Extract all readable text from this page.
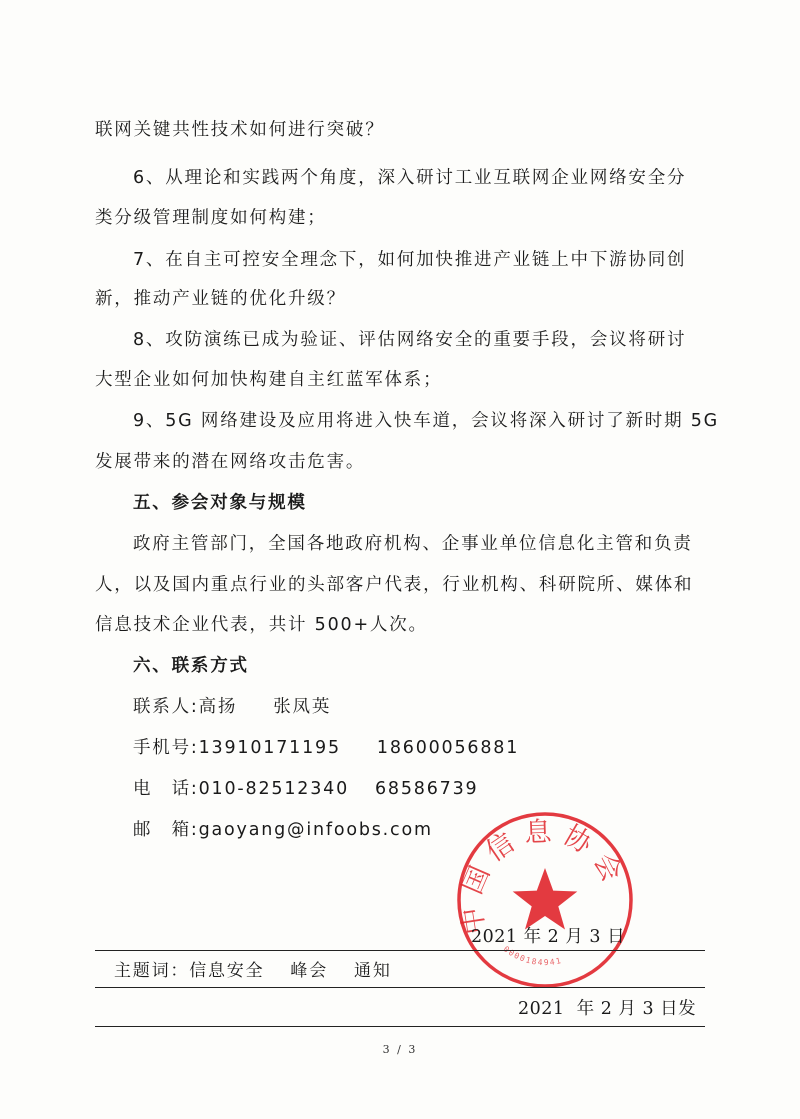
联网关键共性技术如何进行突破？
6、从理论和实践两个角度，深入研讨工业互联网企业网络安全分
类分级管理制度如何构建；
7、在自主可控安全理念下，如何加快推进产业链上中下游协同创
新，推动产业链的优化升级？
8、攻防演练已成为验证、评估网络安全的重要手段，会议将研讨
大型企业如何加快构建自主红蓝军体系；
9、5G 网络建设及应用将进入快车道，会议将深入研讨了新时期 5G
发展带来的潜在网络攻击危害。
五、参会对象与规模
政府主管部门，全国各地政府机构、企事业单位信息化主管和负责
人，以及国内重点行业的头部客户代表，行业机构、科研院所、媒体和
信息技术企业代表，共计 500+人次。
六、联系方式
联系人:高扬 张凤英
手机号:13910171195 18600056881
电　话:010-82512340 68586739
邮　箱:gaoyang@infoobs.com
中国信息协会
0000184941
2021 年 2 月 3 日
主题词：信息安全 峰会 通知
2021  年 2 月 3 日发
3 / 3
